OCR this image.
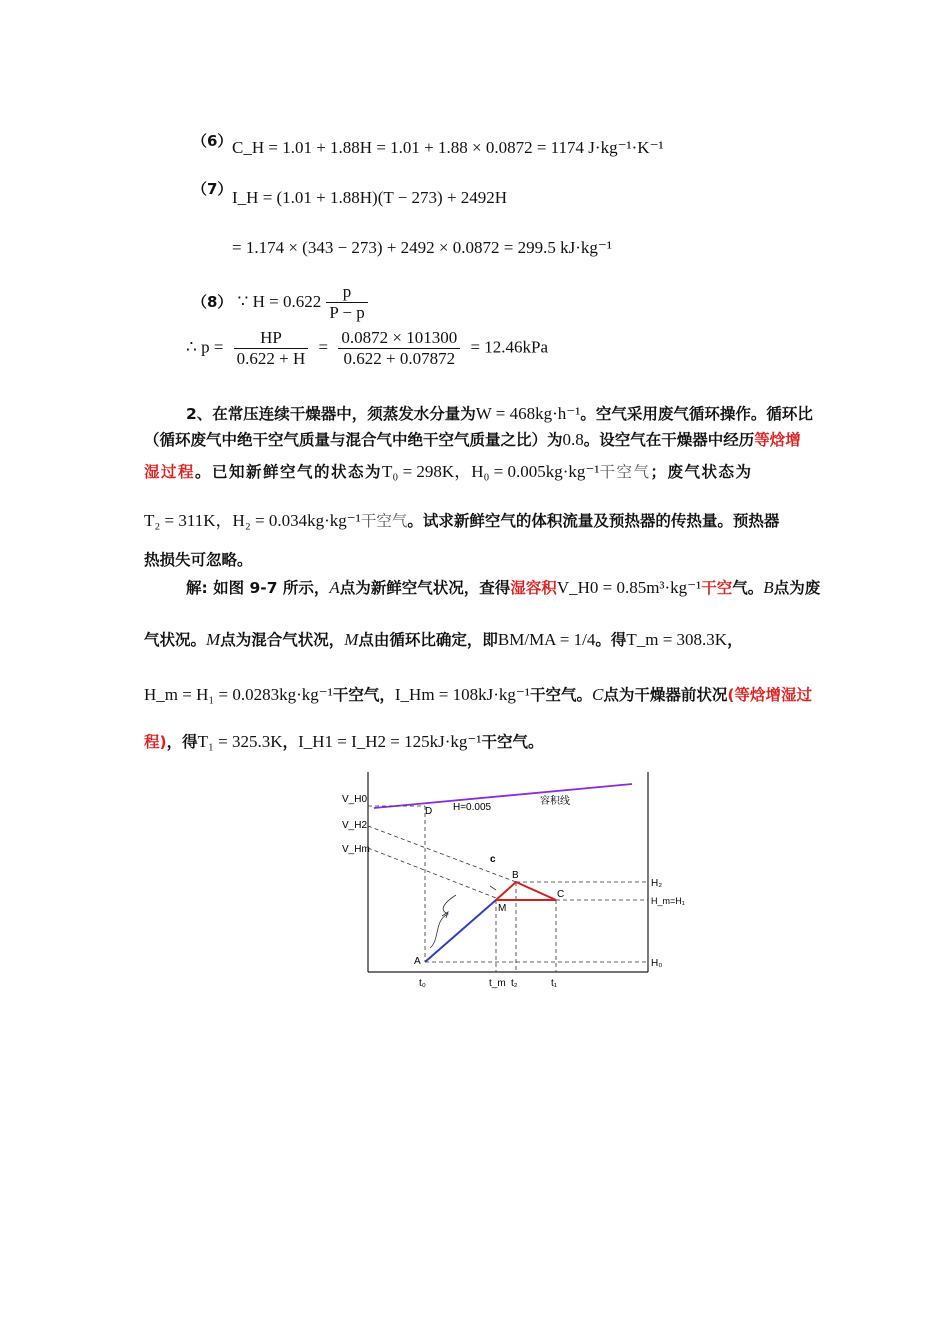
（6） C_H = 1.01 + 1.88H = 1.01 + 1.88 × 0.0872 = 1174 J·kg⁻¹·K⁻¹
（7） I_H = (1.01 + 1.88H)(T − 273) + 2492H
= 1.174 × (343 − 273) + 2492 × 0.0872 = 299.5 kJ·kg⁻¹
（8） ∵ $H = 0.622 \frac{p}{P - p}$
∴ $p = \frac{HP}{0.622 + H} = \frac{0.0872 \times 101300}{0.622 + 0.07872} = 12.46kPa$
2、在常压连续干燥器中，须蒸发水分量为W = 468kg·h⁻¹。空气采用废气循环操作。循环比
（循环废气中绝干空气质量与混合气中绝干空气质量之比）为0.8。设空气在干燥器中经历等焓增
湿过程。已知新鲜空气的状态为T₀ = 298K，H₀ = 0.005kg·kg⁻¹干空气；废气状态为
T₂ = 311K，H₂ = 0.034kg·kg⁻¹干空气。试求新鲜空气的体积流量及预热器的传热量。预热器
热损失可忽略。
解: 如图 9-7 所示，A点为新鲜空气状况，查得湿容积V_H0 = 0.85m³·kg⁻¹干空气。B点为废
气状况。M点为混合气状况，M点由循环比确定，即BM/MA = 1/4。得T_m = 308.3K，
H_m = H₁ = 0.0283kg·kg⁻¹干空气，I_Hm = 108kJ·kg⁻¹干空气。C点为干燥器前状况(等焓增湿过
程)，得T₁ = 325.3K，I_H1 = I_H2 = 125kJ·kg⁻¹干空气。
容积线
H=0.005
V_H0
V_H2
V_Hm
D
A
M
B
C
c
H₂
H_m=H₁
H₀
t₀	t_m t₂	t₁
